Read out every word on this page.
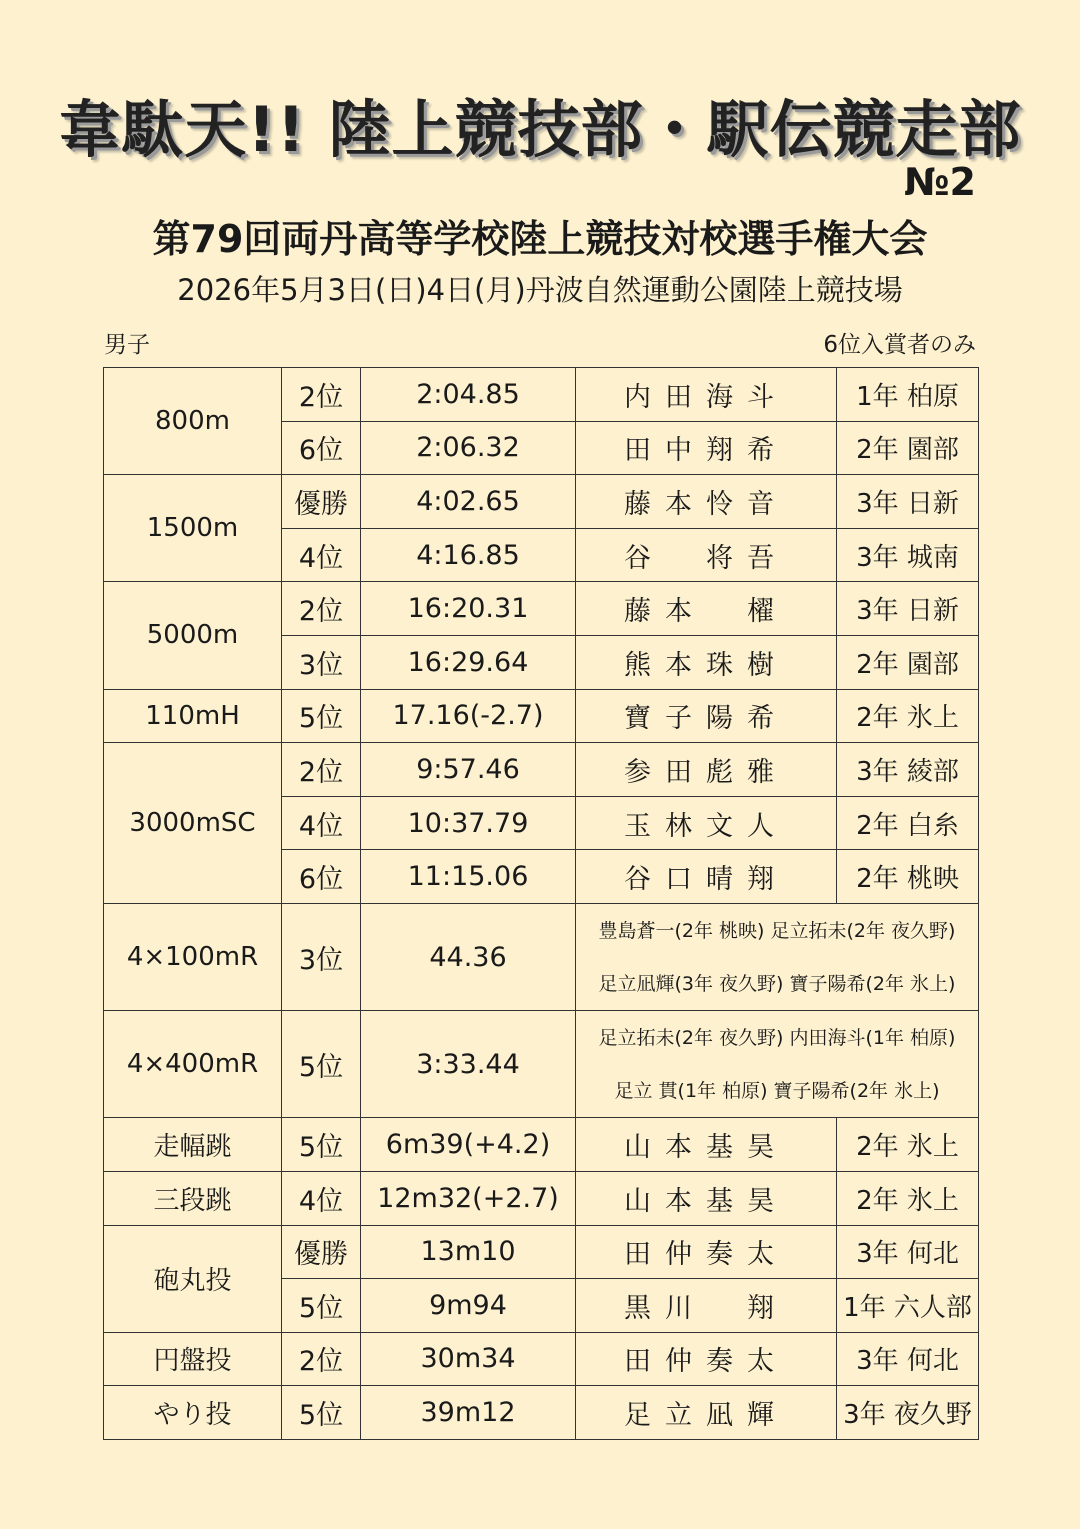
韋駄天!! 陸上競技部・駅伝競走部
№2
第79回両丹高等学校陸上競技対校選手権大会
2026年5月3日(日)4日(月)丹波自然運動公園陸上競技場
男子	6位入賞者のみ
800m	2位	2:04.85	内田海斗	1年 柏原
	6位	2:06.32	田中翔希	2年 園部
1500m	優勝	4:02.65	藤本怜音	3年 日新
	4位	4:16.85	谷　将吾	3年 城南
5000m	2位	16:20.31	藤本　櫂	3年 日新
	3位	16:29.64	熊本珠樹	2年 園部
110mH	5位	17.16(-2.7)	寶子陽希	2年 氷上
3000mSC	2位	9:57.46	参田彪雅	3年 綾部
	4位	10:37.79	玉林文人	2年 白糸
	6位	11:15.06	谷口晴翔	2年 桃映
4×100mR	3位	44.36	豊島蒼一(2年 桃映) 足立拓未(2年 夜久野)
足立凪輝(3年 夜久野) 寶子陽希(2年 氷上)	

4×400mR	5位	3:33.44	足立拓未(2年 夜久野) 内田海斗(1年 柏原)
足立 貫(1年 柏原) 寶子陽希(2年 氷上)	

走幅跳	5位	6m39(+4.2)	山本基昊	2年 氷上
三段跳	4位	12m32(+2.7)	山本基昊	2年 氷上
砲丸投	優勝	13m10	田仲奏太	3年 何北
	5位	9m94	黒川　翔	1年 六人部
円盤投	2位	30m34	田仲奏太	3年 何北
やり投	5位	39m12	足立凪輝	3年 夜久野
